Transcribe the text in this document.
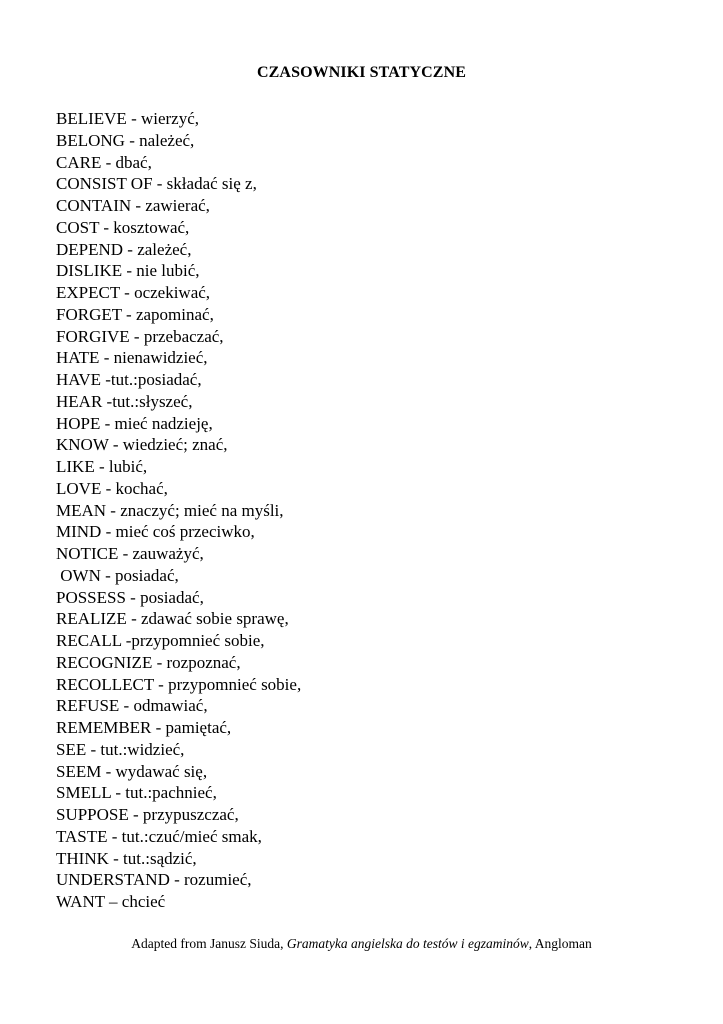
CZASOWNIKI STATYCZNE
BELIEVE - wierzyć,
BELONG - należeć,
CARE - dbać,
CONSIST OF - składać się z,
CONTAIN - zawierać,
COST - kosztować,
DEPEND - zależeć,
DISLIKE - nie lubić,
EXPECT - oczekiwać,
FORGET - zapominać,
FORGIVE - przebaczać,
HATE - nienawidzieć,
HAVE -tut.:posiadać,
HEAR -tut.:słyszeć,
HOPE - mieć nadzieję,
KNOW - wiedzieć; znać,
LIKE - lubić,
LOVE - kochać,
MEAN - znaczyć; mieć na myśli,
MIND - mieć coś przeciwko,
NOTICE - zauważyć,
OWN - posiadać,
POSSESS - posiadać,
REALIZE - zdawać sobie sprawę,
RECALL -przypomnieć sobie,
RECOGNIZE - rozpoznać,
RECOLLECT - przypomnieć sobie,
REFUSE - odmawiać,
REMEMBER - pamiętać,
SEE - tut.:widzieć,
SEEM - wydawać się,
SMELL - tut.:pachnieć,
SUPPOSE - przypuszczać,
TASTE - tut.:czuć/mieć smak,
THINK - tut.:sądzić,
UNDERSTAND - rozumieć,
WANT – chcieć
Adapted from Janusz Siuda, Gramatyka angielska do testów i egzaminów, Angloman
